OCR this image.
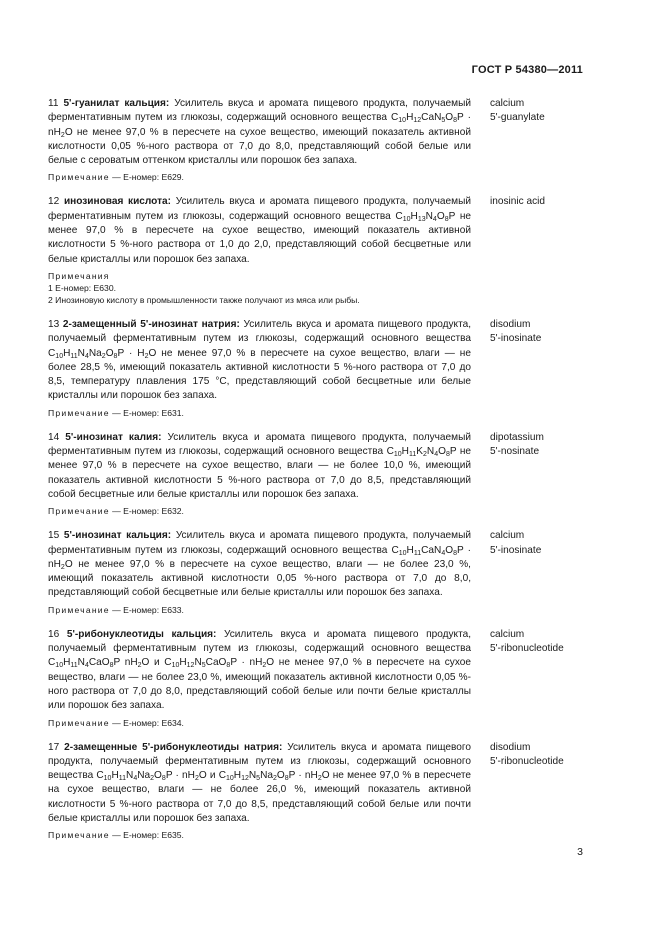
ГОСТ Р 54380—2011
11 5'-гуанилат кальция: Усилитель вкуса и аромата пищевого продукта, получаемый ферментативным путем из глюкозы, содержащий основного вещества $C_{10}H_{12}CaN_5O_8P \cdot nH_2O$ не менее 97,0 % в пересчете на сухое вещество, имеющий показатель активной кислотности 0,05 %-ного раствора от 7,0 до 8,0, представляющий собой белые или белые с сероватым оттенком кристаллы или порошок без запаха.
Примечание — Е-номер: Е629.
calcium
5'-guanylate
12 инозиновая кислота: Усилитель вкуса и аромата пищевого продукта, получаемый ферментативным путем из глюкозы, содержащий основного вещества $C_{10}H_{13}N_4O_8P$ не менее 97,0 % в пересчете на сухое вещество, имеющий показатель активной кислотности 5 %-ного раствора от 1,0 до 2,0, представляющий собой бесцветные или белые кристаллы или порошок без запаха.
Примечания
1 Е-номер: Е630.
2 Инозиновую кислоту в промышленности также получают из мяса или рыбы.
inosinic acid
13 2-замещенный 5'-инозинат натрия: Усилитель вкуса и аромата пищевого продукта, получаемый ферментативным путем из глюкозы, содержащий основного вещества $C_{10}H_{11}N_4Na_2O_8P \cdot H_2O$ не менее 97,0 % в пересчете на сухое вещество, влаги — не более 28,5 %, имеющий показатель активной кислотности 5 %-ного раствора от 7,0 до 8,5, температуру плавления 175 °C, представляющий собой бесцветные или белые кристаллы или порошок без запаха.
Примечание — Е-номер: Е631.
disodium
5'-inosinate
14 5'-инозинат калия: Усилитель вкуса и аромата пищевого продукта, получаемый ферментативным путем из глюкозы, содержащий основного вещества $C_{10}H_{11}K_2N_4O_8P$ не менее 97,0 % в пересчете на сухое вещество, влаги — не более 10,0 %, имеющий показатель активной кислотности 5 %-ного раствора от 7,0 до 8,5, представляющий собой бесцветные или белые кристаллы или порошок без запаха.
Примечание — Е-номер: Е632.
dipotassium
5'-nosinate
15 5'-инозинат кальция: Усилитель вкуса и аромата пищевого продукта, получаемый ферментативным путем из глюкозы, содержащий основного вещества $C_{10}H_{11}CaN_4O_8P \cdot nH_2O$ не менее 97,0 % в пересчете на сухое вещество, влаги — не более 23,0 %, имеющий показатель активной кислотности 0,05 %-ного раствора от 7,0 до 8,0, представляющий собой бесцветные или белые кристаллы или порошок без запаха.
Примечание — Е-номер: Е633.
calcium
5'-inosinate
16 5'-рибонуклеотиды кальция: Усилитель вкуса и аромата пищевого продукта, получаемый ферментативным путем из глюкозы, содержащий основного вещества $C_{10}H_{11}N_4CaO_8P$ $nH_2O$ и $C_{10}H_{12}N_5CaO_8P \cdot nH_2O$ не менее 97,0 % в пересчете на сухое вещество, влаги — не более 23,0 %, имеющий показатель активной кислотности 0,05 %-ного раствора от 7,0 до 8,0, представляющий собой белые или почти белые кристаллы или порошок без запаха.
Примечание — Е-номер: Е634.
calcium
5'-ribonucleotide
17 2-замещенные 5'-рибонуклеотиды натрия: Усилитель вкуса и аромата пищевого продукта, получаемый ферментативным путем из глюкозы, содержащий основного вещества $C_{10}H_{11}N_4Na_2O_8P \cdot nH_2O$ и $C_{10}H_{12}N_5Na_2O_8P \cdot nH_2O$ не менее 97,0 % в пересчете на сухое вещество, влаги — не более 26,0 %, имеющий показатель активной кислотности 5 %-ного раствора от 7,0 до 8,5, представляющий собой белые или почти белые кристаллы или порошок без запаха.
Примечание — Е-номер: Е635.
disodium
5'-ribonucleotide
3
